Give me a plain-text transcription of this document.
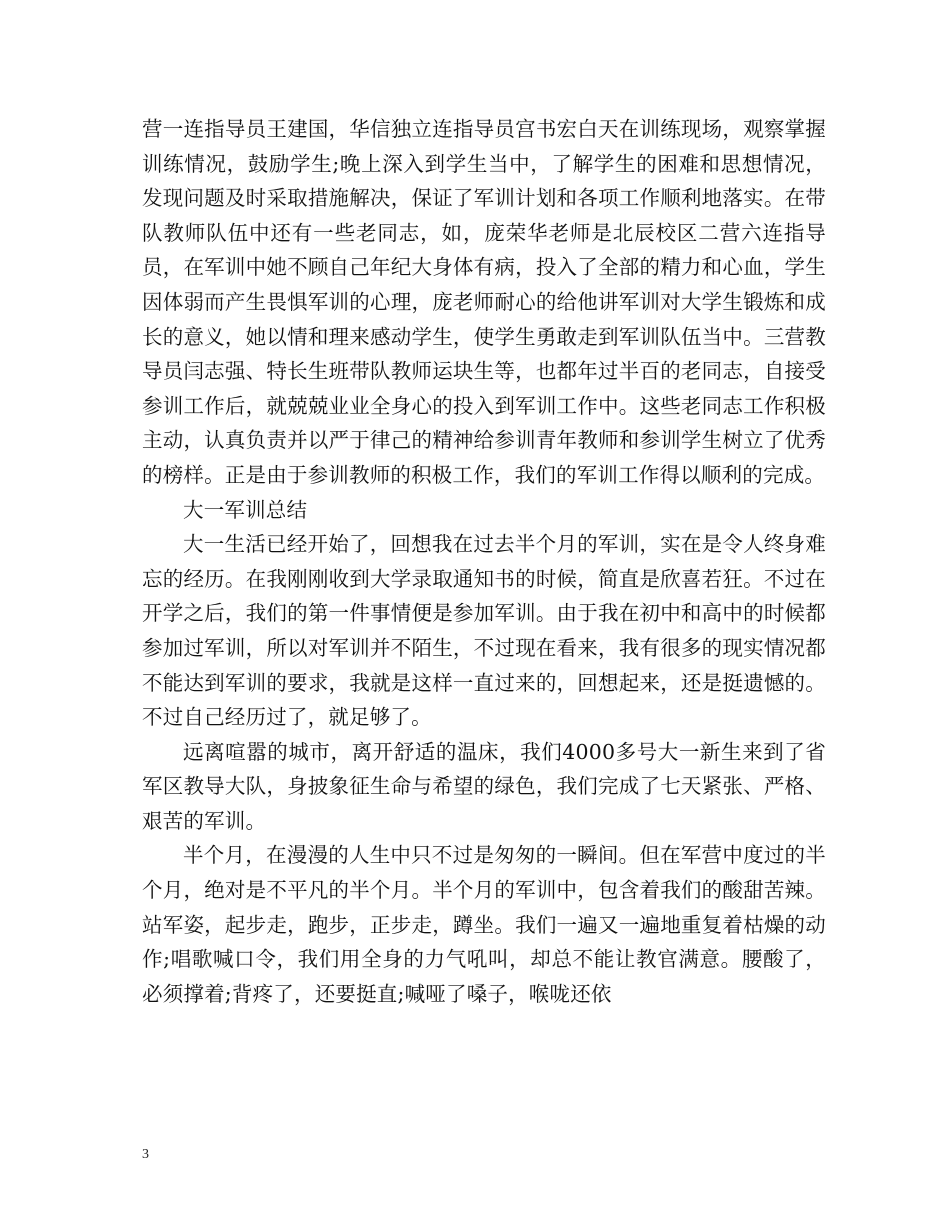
营一连指导员王建国，华信独立连指导员宫书宏白天在训练现场，观察掌握训练情况，鼓励学生;晚上深入到学生当中，了解学生的困难和思想情况，发现问题及时采取措施解决，保证了军训计划和各项工作顺利地落实。在带队教师队伍中还有一些老同志，如，庞荣华老师是北辰校区二营六连指导员，在军训中她不顾自己年纪大身体有病，投入了全部的精力和心血，学生因体弱而产生畏惧军训的心理，庞老师耐心的给他讲军训对大学生锻炼和成长的意义，她以情和理来感动学生，使学生勇敢走到军训队伍当中。三营教导员闫志强、特长生班带队教师运块生等，也都年过半百的老同志，自接受参训工作后，就兢兢业业全身心的投入到军训工作中。这些老同志工作积极主动，认真负责并以严于律己的精神给参训青年教师和参训学生树立了优秀的榜样。正是由于参训教师的积极工作，我们的军训工作得以顺利的完成。

大一军训总结

大一生活已经开始了，回想我在过去半个月的军训，实在是令人终身难忘的经历。在我刚刚收到大学录取通知书的时候，简直是欣喜若狂。不过在开学之后，我们的第一件事情便是参加军训。由于我在初中和高中的时候都参加过军训，所以对军训并不陌生，不过现在看来，我有很多的现实情况都不能达到军训的要求，我就是这样一直过来的，回想起来，还是挺遗憾的。不过自己经历过了，就足够了。

远离喧嚣的城市，离开舒适的温床，我们4000多号大一新生来到了省军区教导大队，身披象征生命与希望的绿色，我们完成了七天紧张、严格、艰苦的军训。

半个月，在漫漫的人生中只不过是匆匆的一瞬间。但在军营中度过的半个月，绝对是不平凡的半个月。半个月的军训中，包含着我们的酸甜苦辣。站军姿，起步走，跑步，正步走，蹲坐。我们一遍又一遍地重复着枯燥的动作;唱歌喊口令，我们用全身的力气吼叫，却总不能让教官满意。腰酸了，必须撑着;背疼了，还要挺直;喊哑了嗓子，喉咙还依

3
